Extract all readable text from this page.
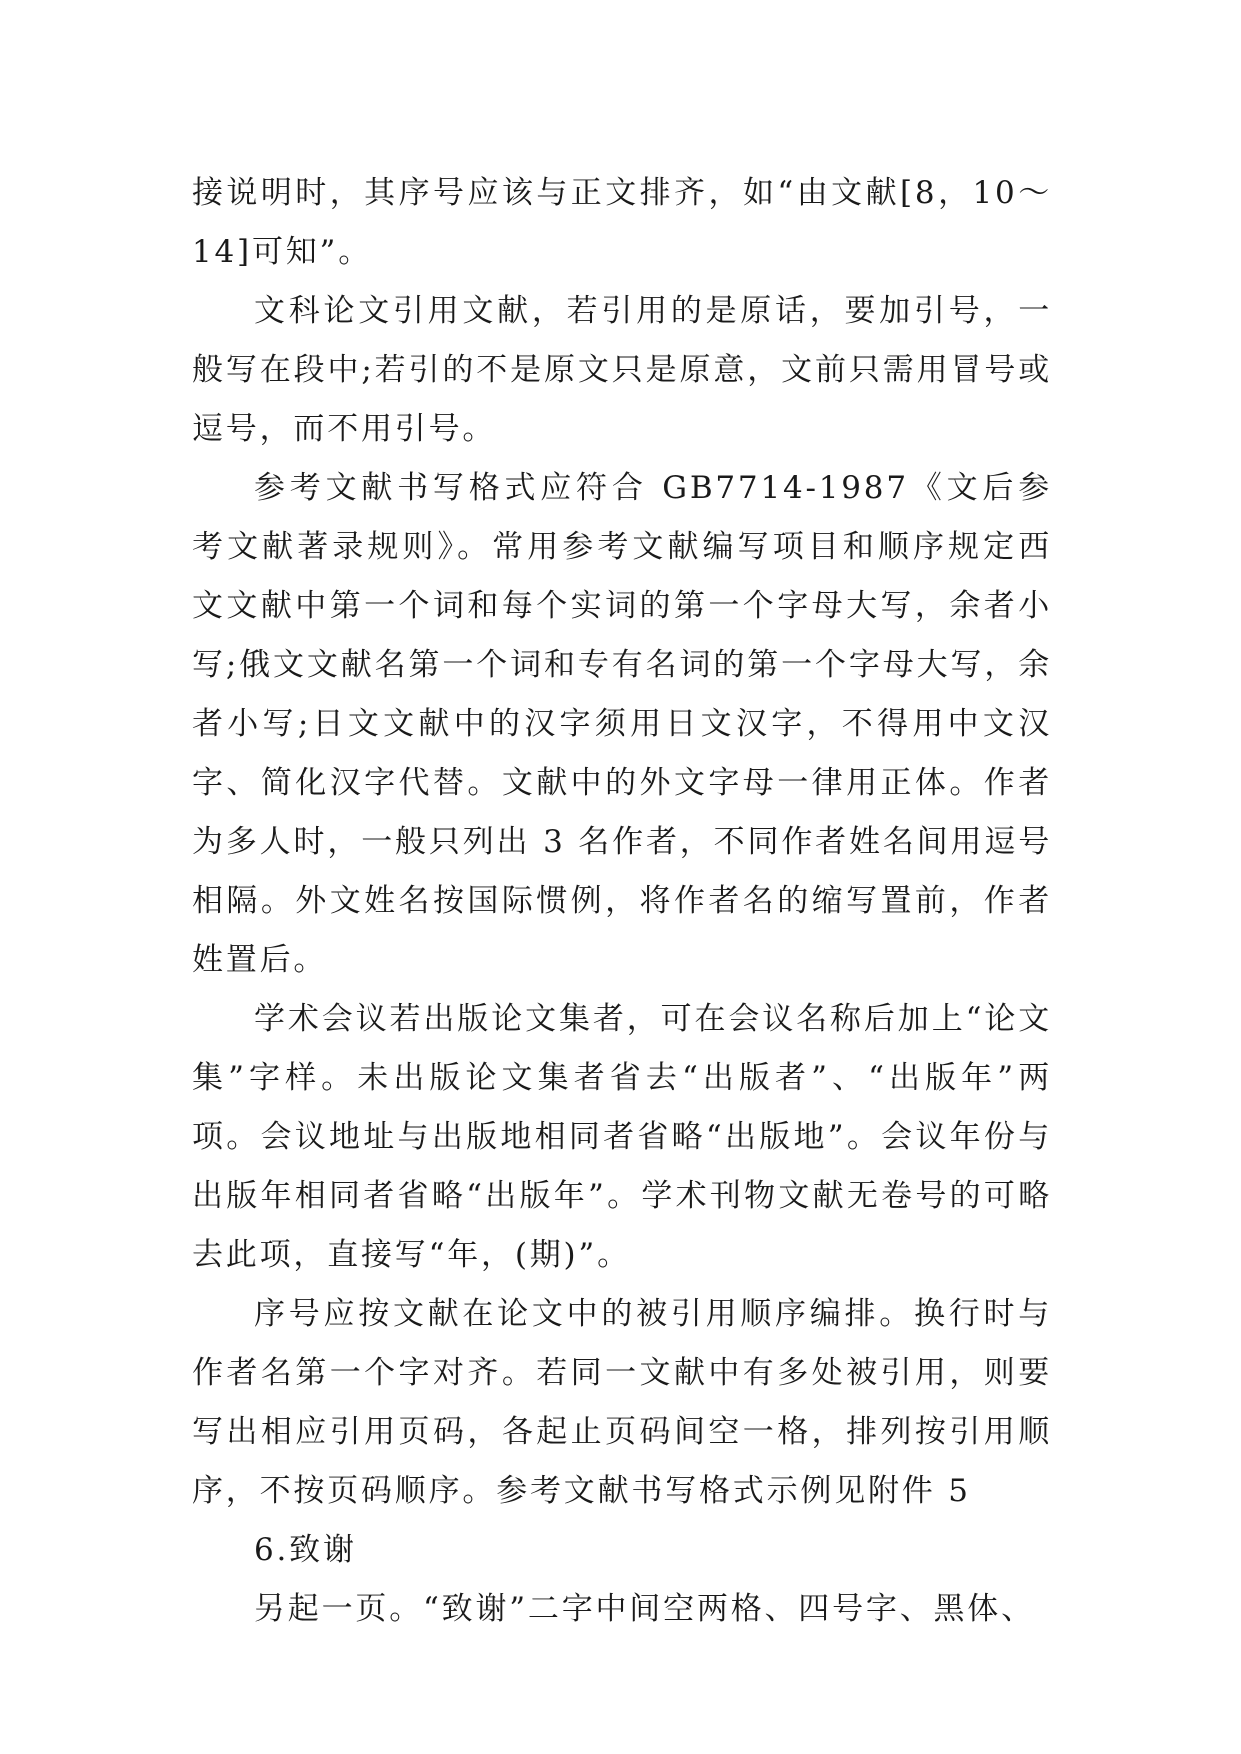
接说明时，其序号应该与正文排齐，如“由文献[8，10～14]可知”。

文科论文引用文献，若引用的是原话，要加引号，一般写在段中;若引的不是原文只是原意，文前只需用冒号或逗号，而不用引号。

参考文献书写格式应符合 GB7714-1987《文后参考文献著录规则》。常用参考文献编写项目和顺序规定西文文献中第一个词和每个实词的第一个字母大写，余者小写;俄文文献名第一个词和专有名词的第一个字母大写，余者小写;日文文献中的汉字须用日文汉字，不得用中文汉字、简化汉字代替。文献中的外文字母一律用正体。作者为多人时，一般只列出 3 名作者，不同作者姓名间用逗号相隔。外文姓名按国际惯例，将作者名的缩写置前，作者姓置后。

学术会议若出版论文集者，可在会议名称后加上“论文集”字样。未出版论文集者省去“出版者”、“出版年”两项。会议地址与出版地相同者省略“出版地”。会议年份与出版年相同者省略“出版年”。学术刊物文献无卷号的可略去此项，直接写“年，(期)”。

序号应按文献在论文中的被引用顺序编排。换行时与作者名第一个字对齐。若同一文献中有多处被引用，则要写出相应引用页码，各起止页码间空一格，排列按引用顺序，不按页码顺序。参考文献书写格式示例见附件 5

6.致谢

另起一页。“致谢”二字中间空两格、四号字、黑体、
